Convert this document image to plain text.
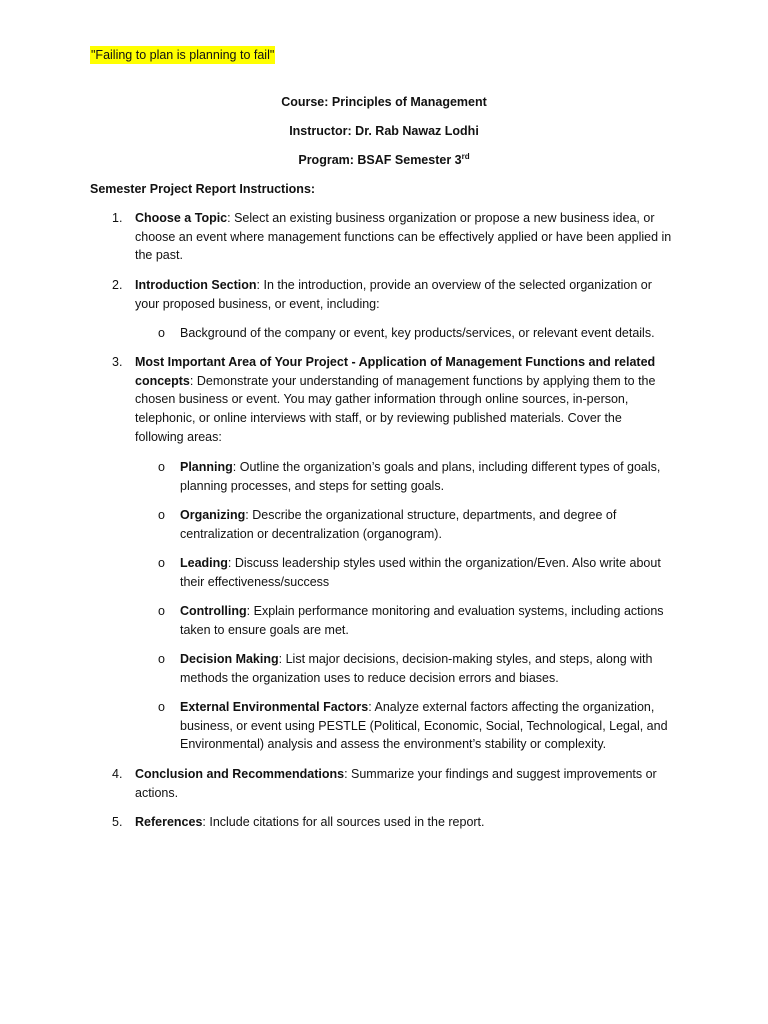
"Failing to plan is planning to fail"
Course: Principles of Management
Instructor: Dr. Rab Nawaz Lodhi
Program: BSAF Semester 3rd
Semester Project Report Instructions:
1. Choose a Topic: Select an existing business organization or propose a new business idea, or choose an event where management functions can be effectively applied or have been applied in the past.
2. Introduction Section: In the introduction, provide an overview of the selected organization or your proposed business, or event, including:
o Background of the company or event, key products/services, or relevant event details.
3. Most Important Area of Your Project - Application of Management Functions and related concepts: Demonstrate your understanding of management functions by applying them to the chosen business or event. You may gather information through online sources, in-person, telephonic, or online interviews with staff, or by reviewing published materials. Cover the following areas:
o Planning: Outline the organization’s goals and plans, including different types of goals, planning processes, and steps for setting goals.
o Organizing: Describe the organizational structure, departments, and degree of centralization or decentralization (organogram).
o Leading: Discuss leadership styles used within the organization/Even. Also write about their effectiveness/success
o Controlling: Explain performance monitoring and evaluation systems, including actions taken to ensure goals are met.
o Decision Making: List major decisions, decision-making styles, and steps, along with methods the organization uses to reduce decision errors and biases.
o External Environmental Factors: Analyze external factors affecting the organization, business, or event using PESTLE (Political, Economic, Social, Technological, Legal, and Environmental) analysis and assess the environment’s stability or complexity.
4. Conclusion and Recommendations: Summarize your findings and suggest improvements or actions.
5. References: Include citations for all sources used in the report.
